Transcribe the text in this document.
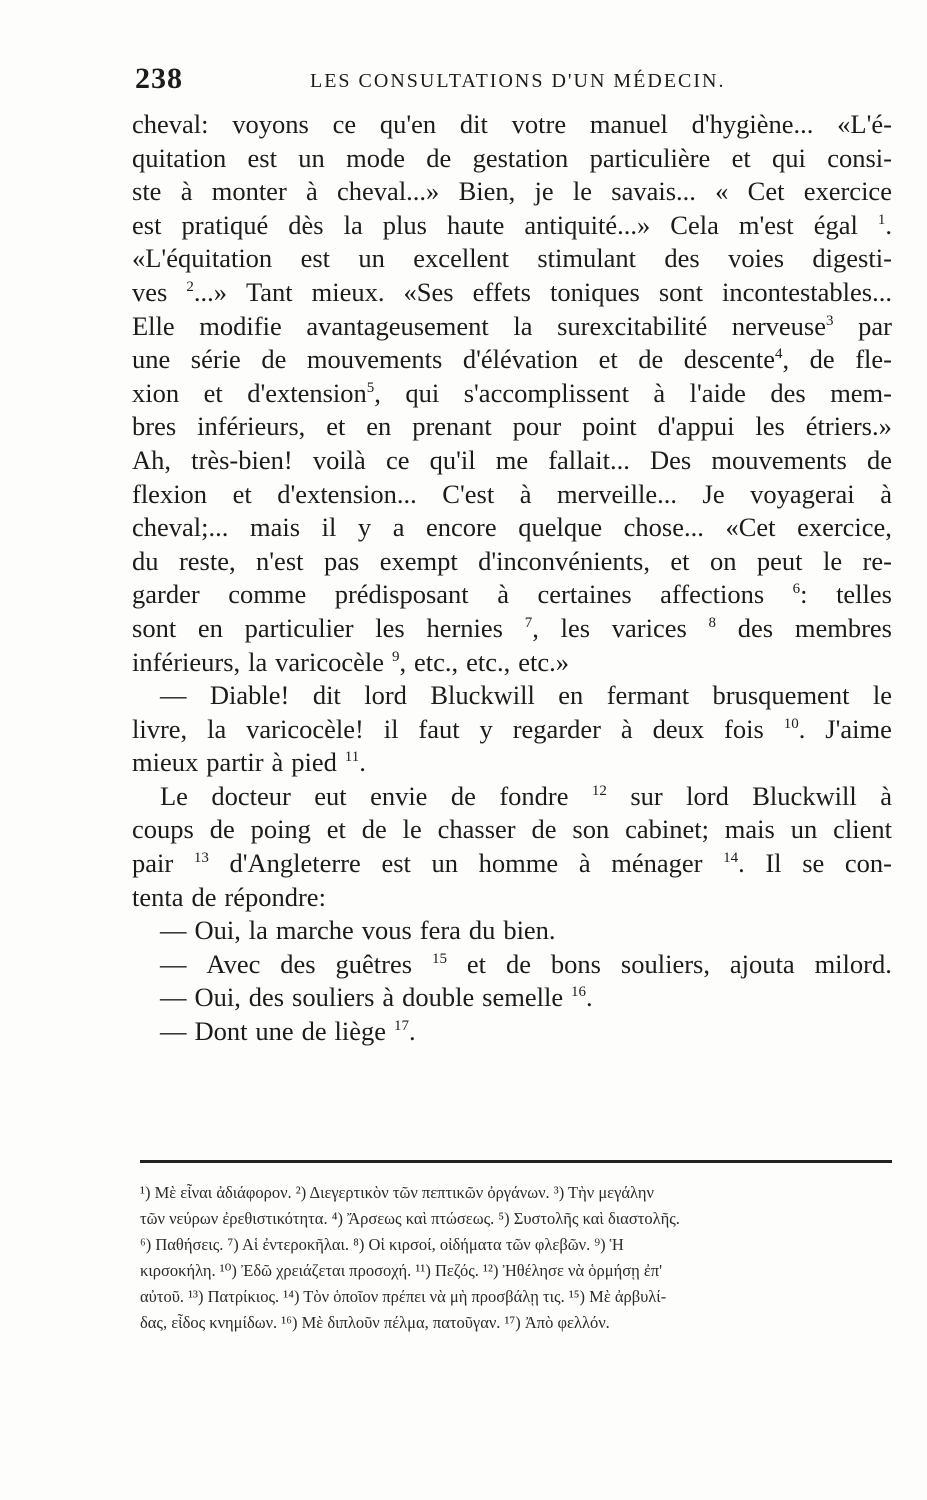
238	LES CONSULTATIONS D'UN MÉDECIN.
cheval: voyons ce qu'en dit votre manuel d'hygiène... «L'é-
quitation est un mode de gestation particulière et qui consi-
ste à monter à cheval...» Bien, je le savais... « Cet exercice
est pratiqué dès la plus haute antiquité...» Cela m'est égal $^1$.
«L'équitation est un excellent stimulant des voies digesti-
ves $^2$...» Tant mieux. «Ses effets toniques sont incontestables...
Elle modifie avantageusement la surexcitabilité nerveuse$^3$ par
une série de mouvements d'élévation et de descente$^4$, de fle-
xion et d'extension$^5$, qui s'accomplissent à l'aide des mem-
bres inférieurs, et en prenant pour point d'appui les étriers.»
Ah, très-bien! voilà ce qu'il me fallait... Des mouvements de
flexion et d'extension... C'est à merveille... Je voyagerai à
cheval;... mais il y a encore quelque chose... «Cet exercice,
du reste, n'est pas exempt d'inconvénients, et on peut le re-
garder comme prédisposant à certaines affections $^6$: telles
sont en particulier les hernies $^7$, les varices $^8$ des membres
inférieurs, la varicocèle $^9$, etc., etc., etc.»
— Diable! dit lord Bluckwill en fermant brusquement le
livre, la varicocèle! il faut y regarder à deux fois $^{10}$. J'aime
mieux partir à pied $^{11}$.
Le docteur eut envie de fondre $^{12}$ sur lord Bluckwill à
coups de poing et de le chasser de son cabinet; mais un client
pair $^{13}$ d'Angleterre est un homme à ménager $^{14}$. Il se con-
tenta de répondre:
— Oui, la marche vous fera du bien.
— Avec des guêtres $^{15}$ et de bons souliers, ajouta milord.
— Oui, des souliers à double semelle $^{16}$.
— Dont une de liège $^{17}$.
¹) Μὲ εἶναι ἀδιάφορον. ²) Διεγερτικὸν τῶν πεπτικῶν ὀργάνων. ³) Τὴν μεγάλην
τῶν νεύρων ἐρεθιστικότητα. ⁴) Ἄρσεως καὶ πτώσεως. ⁵) Συστολῆς καὶ διαστολῆς.
⁶) Παθήσεις. ⁷) Αἱ ἐντεροκῆλαι. ⁸) Οἱ κιρσοί, οἰδήματα τῶν φλεβῶν. ⁹) Ἡ
κιρσοκήλη. ¹⁰) Ἐδῶ χρειάζεται προσοχή. ¹¹) Πεζός. ¹²) Ἠθέλησε νὰ ὁρμήσῃ ἐπ'
αὐτοῦ. ¹³) Πατρίκιος. ¹⁴) Τὸν ὁποῖον πρέπει νὰ μὴ προσβάλῃ τις. ¹⁵) Μὲ ἀρβυλί-
δας, εἶδος κνημίδων. ¹⁶) Μὲ διπλοῦν πέλμα, πατοῦγαν. ¹⁷) Ἀπὸ φελλόν.
